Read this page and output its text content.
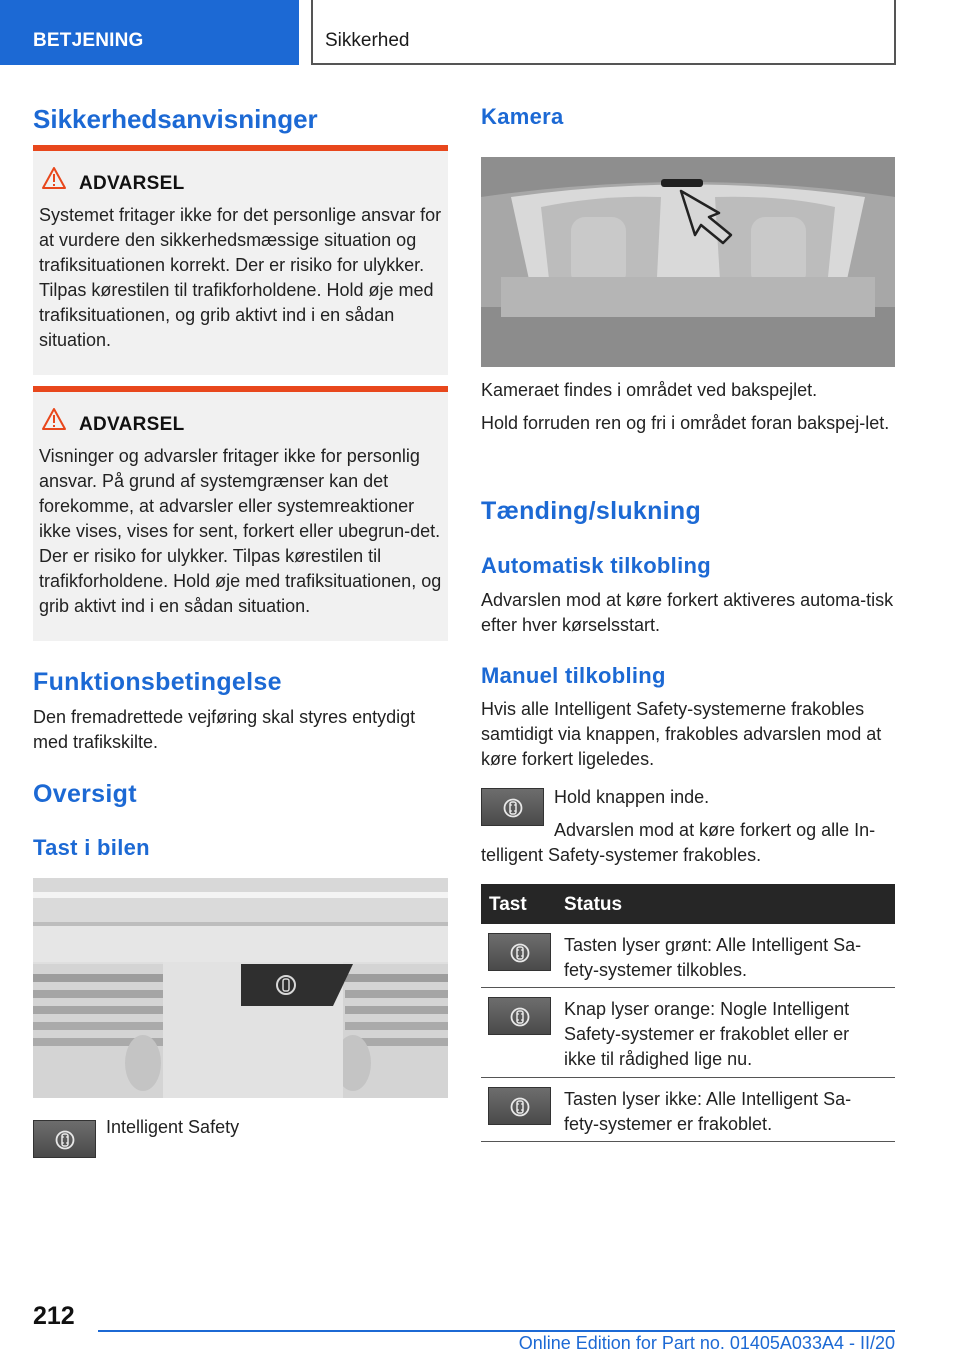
BETJENING	Sikkerhed
Sikkerhedsanvisninger
ADVARSEL
Systemet fritager ikke for det personlige ansvar for at vurdere den sikkerhedsmæssige situation og trafiksituationen korrekt. Der er risiko for ulykker. Tilpas kørestilen til trafikforholdene. Hold øje med trafiksituationen, og grib aktivt ind i en sådan situation.
ADVARSEL
Visninger og advarsler fritager ikke for personlig ansvar. På grund af systemgrænser kan det forekomme, at advarsler eller systemreaktioner ikke vises, vises for sent, forkert eller ubegrun-det. Der er risiko for ulykker. Tilpas kørestilen til trafikforholdene. Hold øje med trafiksituationen, og grib aktivt ind i en sådan situation.
Funktionsbetingelse
Den fremadrettede vejføring skal styres entydigt med trafikskilte.
Oversigt
Tast i bilen
Intelligent Safety
Kamera
Kameraet findes i området ved bakspejlet.
Hold forruden ren og fri i området foran bakspej-let.
Tænding/slukning
Automatisk tilkobling
Advarslen mod at køre forkert aktiveres automa-tisk efter hver kørselsstart.
Manuel tilkobling
Hvis alle Intelligent Safety-systemerne frakobles samtidigt via knappen, frakobles advarslen mod at køre forkert ligeledes.
Hold knappen inde.
Advarslen mod at køre forkert og alle In-telligent Safety-systemer frakobles.
Tast Status
Tasten lyser grønt: Alle Intelligent Sa-fety-systemer tilkobles.
Knap lyser orange: Nogle Intelligent Safety-systemer er frakoblet eller er ikke til rådighed lige nu.
Tasten lyser ikke: Alle Intelligent Sa-fety-systemer er frakoblet.
212
Online Edition for Part no. 01405A033A4 - II/20
